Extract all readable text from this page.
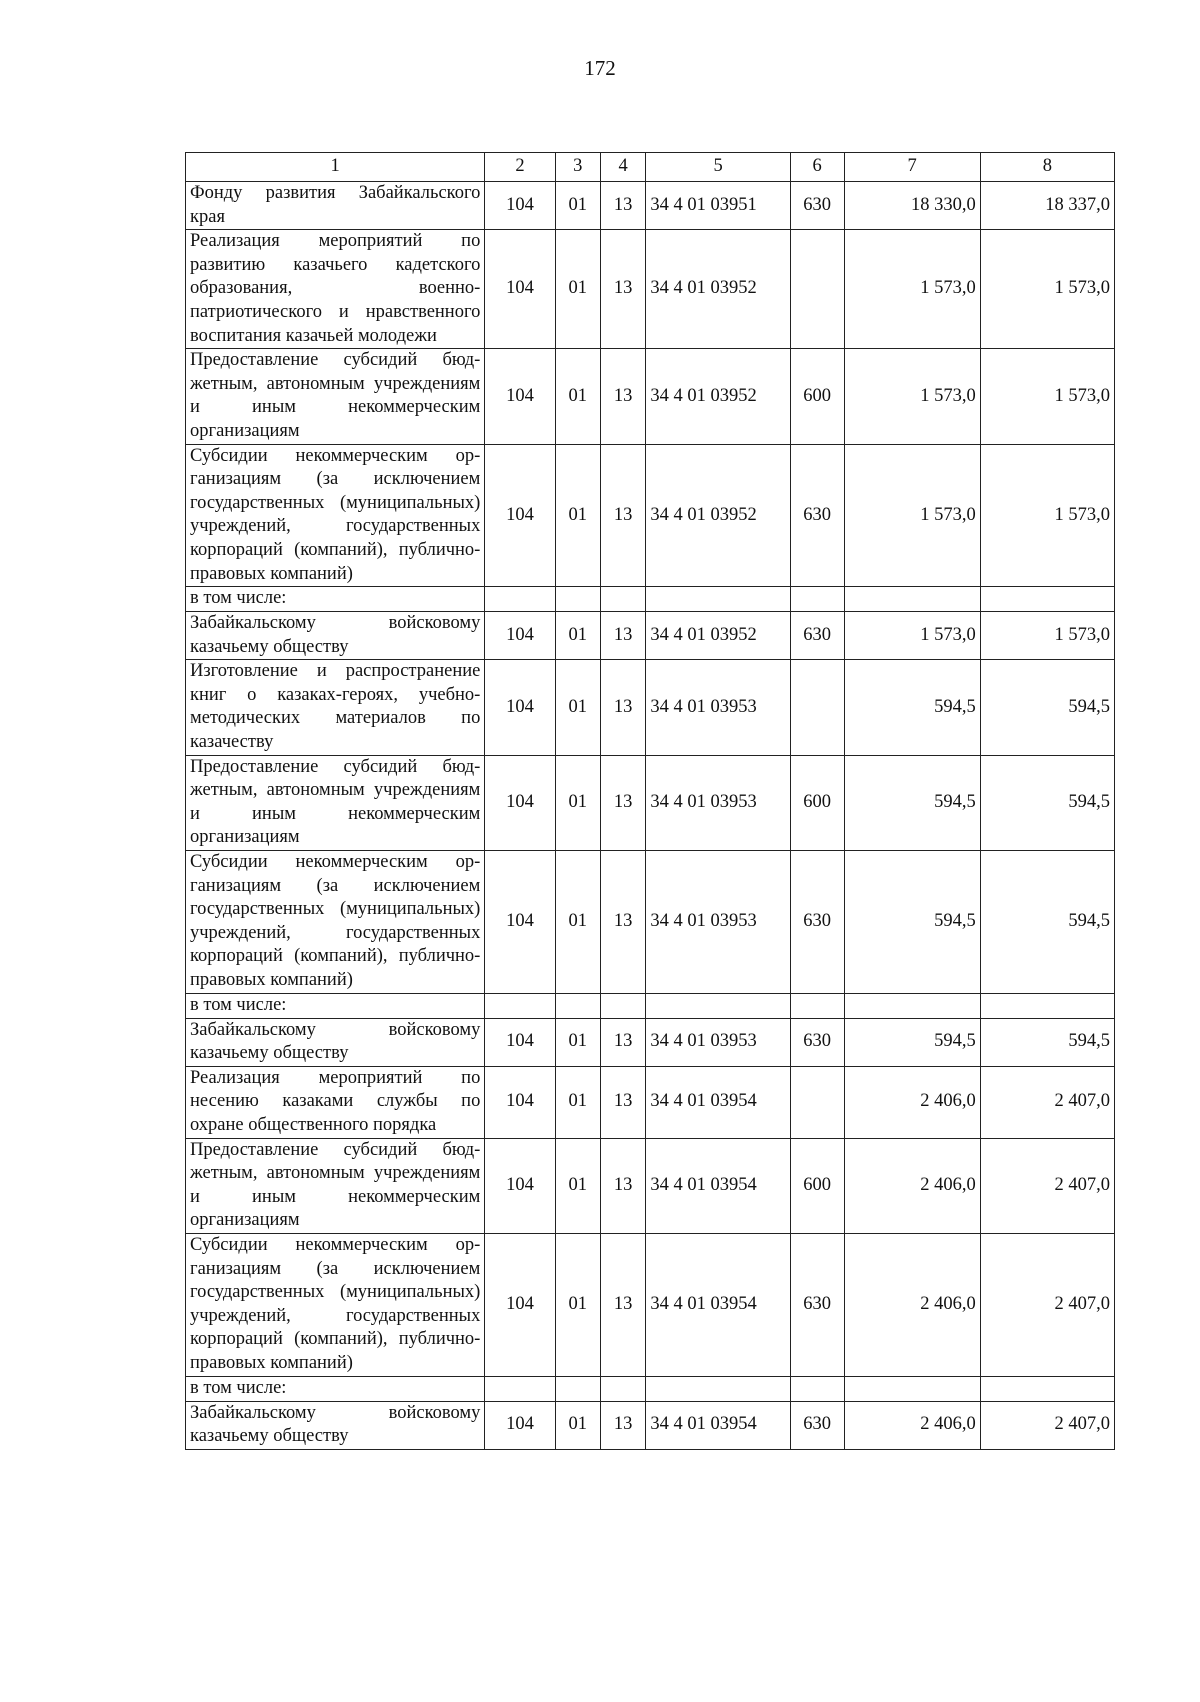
172
1	2	3	4	5	6	7	8
Фонду развития Забайкальского края	104	01	13	34 4 01 03951	630	18 330,0	18 337,0
Реализация мероприятий по развитию казачьего кадетского образования, военно-патриотического и нравственного воспитания казачьей молодежи	104	01	13	34 4 01 03952		1 573,0	1 573,0
Предоставление субсидий бюджетным, автономным учреждениям и иным некоммерческим организациям	104	01	13	34 4 01 03952	600	1 573,0	1 573,0
Субсидии некоммерческим организациям (за исключением государственных (муниципальных) учреждений, государственных корпораций (компаний), публично-правовых компаний)	104	01	13	34 4 01 03952	630	1 573,0	1 573,0
в том числе:							
Забайкальскому войсковому казачьему обществу	104	01	13	34 4 01 03952	630	1 573,0	1 573,0
Изготовление и распространение книг о казаках-героях, учебно-методических материалов по казачеству	104	01	13	34 4 01 03953		594,5	594,5
Предоставление субсидий бюджетным, автономным учреждениям и иным некоммерческим организациям	104	01	13	34 4 01 03953	600	594,5	594,5
Субсидии некоммерческим организациям (за исключением государственных (муниципальных) учреждений, государственных корпораций (компаний), публично-правовых компаний)	104	01	13	34 4 01 03953	630	594,5	594,5
в том числе:							
Забайкальскому войсковому казачьему обществу	104	01	13	34 4 01 03953	630	594,5	594,5
Реализация мероприятий по несению казаками службы по охране общественного порядка	104	01	13	34 4 01 03954		2 406,0	2 407,0
Предоставление субсидий бюджетным, автономным учреждениям и иным некоммерческим организациям	104	01	13	34 4 01 03954	600	2 406,0	2 407,0
Субсидии некоммерческим организациям (за исключением государственных (муниципальных) учреждений, государственных корпораций (компаний), публично-правовых компаний)	104	01	13	34 4 01 03954	630	2 406,0	2 407,0
в том числе:							
Забайкальскому войсковому казачьему обществу	104	01	13	34 4 01 03954	630	2 406,0	2 407,0
